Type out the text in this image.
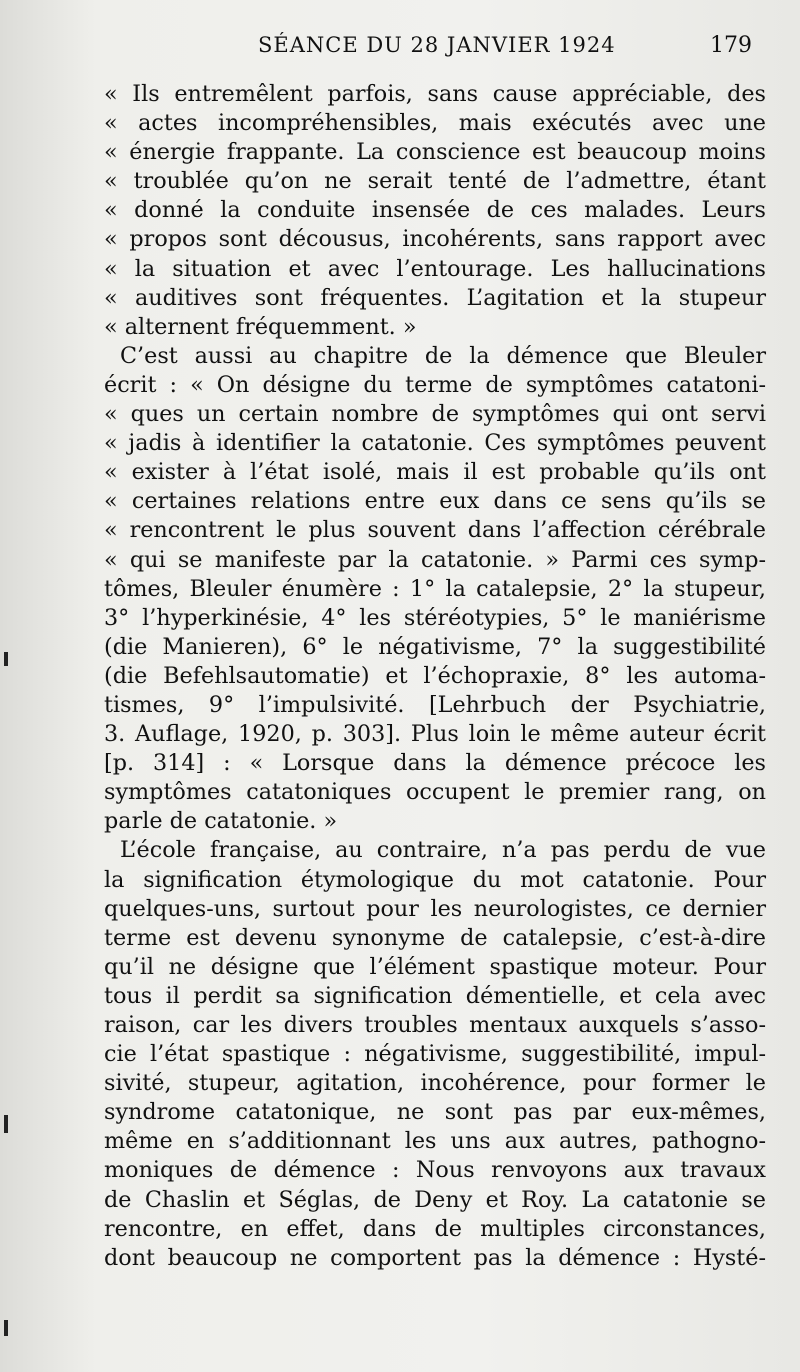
SÉANCE DU 28 JANVIER 1924	179
« Ils entremêlent parfois, sans cause appréciable, des
« actes incompréhensibles, mais exécutés avec une
« énergie frappante. La conscience est beaucoup moins
« troublée qu’on ne serait tenté de l’admettre, étant
« donné la conduite insensée de ces malades. Leurs
« propos sont décousus, incohérents, sans rapport avec
« la situation et avec l’entourage. Les hallucinations
« auditives sont fréquentes. L’agitation et la stupeur
« alternent fréquemment. »
C’est aussi au chapitre de la démence que Bleuler
écrit : « On désigne du terme de symptômes catatoni-
« ques un certain nombre de symptômes qui ont servi
« jadis à identifier la catatonie. Ces symptômes peuvent
« exister à l’état isolé, mais il est probable qu’ils ont
« certaines relations entre eux dans ce sens qu’ils se
« rencontrent le plus souvent dans l’affection cérébrale
« qui se manifeste par la catatonie. » Parmi ces symp-
tômes, Bleuler énumère : 1° la catalepsie, 2° la stupeur,
3° l’hyperkinésie, 4° les stéréotypies, 5° le maniérisme
(die Manieren), 6° le négativisme, 7° la suggestibilité
(die Befehlsautomatie) et l’échopraxie, 8° les automa-
tismes, 9° l’impulsivité. [Lehrbuch der Psychiatrie,
3. Auflage, 1920, p. 303]. Plus loin le même auteur écrit
[p. 314] : « Lorsque dans la démence précoce les
symptômes catatoniques occupent le premier rang, on
parle de catatonie. »
L’école française, au contraire, n’a pas perdu de vue
la signification étymologique du mot catatonie. Pour
quelques-uns, surtout pour les neurologistes, ce dernier
terme est devenu synonyme de catalepsie, c’est-à-dire
qu’il ne désigne que l’élément spastique moteur. Pour
tous il perdit sa signification démentielle, et cela avec
raison, car les divers troubles mentaux auxquels s’asso-
cie l’état spastique : négativisme, suggestibilité, impul-
sivité, stupeur, agitation, incohérence, pour former le
syndrome catatonique, ne sont pas par eux-mêmes,
même en s’additionnant les uns aux autres, pathogno-
moniques de démence : Nous renvoyons aux travaux
de Chaslin et Séglas, de Deny et Roy. La catatonie se
rencontre, en effet, dans de multiples circonstances,
dont beaucoup ne comportent pas la démence : Hysté-
